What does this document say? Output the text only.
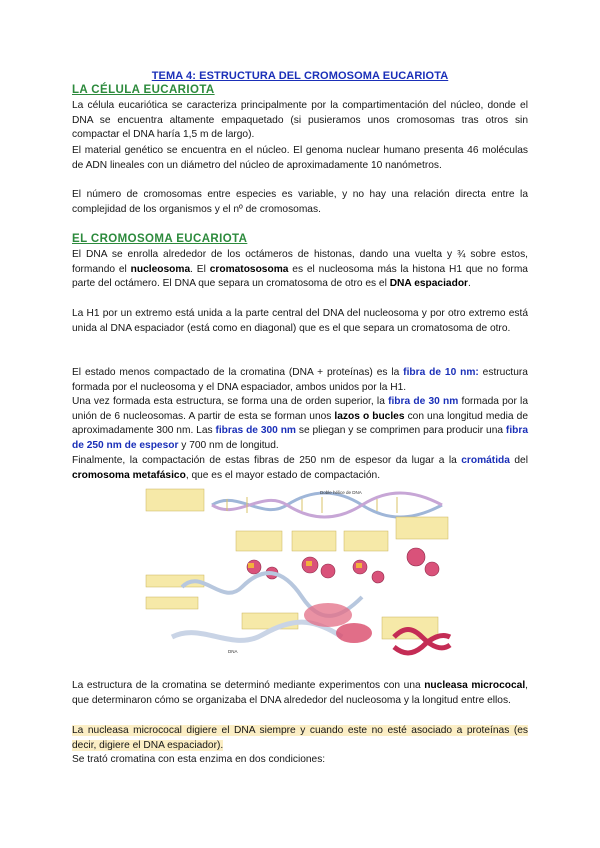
TEMA 4: ESTRUCTURA DEL CROMOSOMA EUCARIOTA
LA CÉLULA EUCARIOTA

La célula eucariótica se caracteriza principalmente por la compartimentación del núcleo, donde el DNA se encuentra altamente empaquetado (si pusieramos unos cromosomas tras otros sin compactar el DNA haría 1,5 m de largo).

El material genético se encuentra en el núcleo. El genoma nuclear humano presenta 46 moléculas de ADN lineales con un diámetro del núcleo de aproximadamente 10 nanómetros.

El número de cromosomas entre especies es variable, y no hay una relación directa entre la complejidad de los organismos y el nº de cromosomas.

EL CROMOSOMA EUCARIOTA

El DNA se enrolla alrededor de los octámeros de histonas, dando una vuelta y ¾ sobre estos, formando el nucleosoma. El cromatososoma es el nucleosoma más la histona H1 que no forma parte del octámero. El DNA que separa un cromatosoma de otro es el DNA espaciador.

La H1 por un extremo está unida a la parte central del DNA del nucleosoma y por otro extremo está unida al DNA espaciador (está como en diagonal) que es el que separa un cromatosoma de otro.

El estado menos compactado de la cromatina (DNA + proteínas) es la fibra de 10 nm: estructura formada por el nucleosoma y el DNA espaciador, ambos unidos por la H1.

Una vez formada esta estructura, se forma una de orden superior, la fibra de 30 nm formada por la unión de 6 nucleosomas. A partir de esta se forman unos lazos o bucles con una longitud media de aproximadamente 300 nm. Las fibras de 300 nm se pliegan y se comprimen para producir una fibra de 250 nm de espesor y 700 nm de longitud.

Finalmente, la compactación de estas fibras de 250 nm de espesor da lugar a la cromátida del cromosoma metafásico, que es el mayor estado de compactación.

Doble hélice de DNA
DNA

La estructura de la cromatina se determinó mediante experimentos con una nucleasa micrococal, que determinaron cómo se organizaba el DNA alrededor del nucleosoma y la longitud entre ellos.

La nucleasa micrococal digiere el DNA siempre y cuando este no esté asociado a proteínas (es decir, digiere el DNA espaciador).

Se trató cromatina con esta enzima en dos condiciones:
